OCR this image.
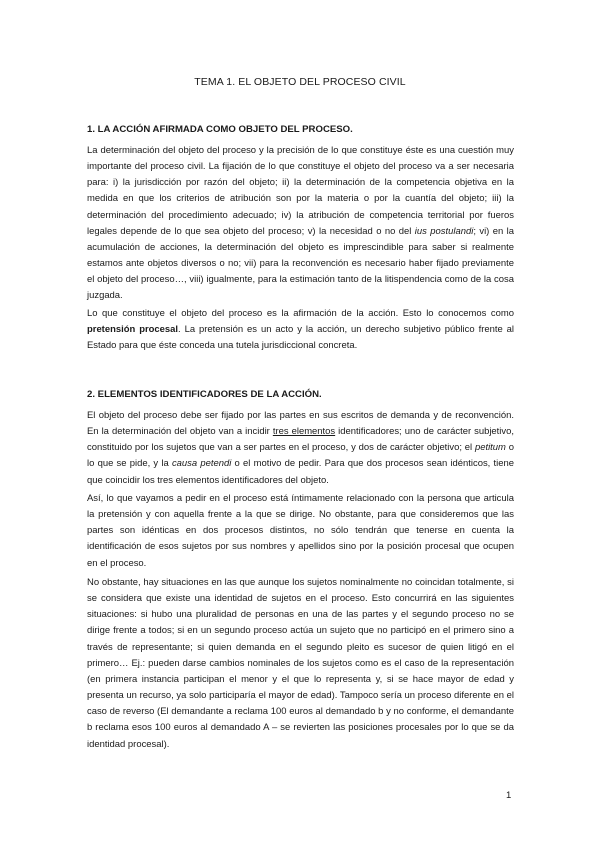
TEMA 1. EL OBJETO DEL PROCESO CIVIL
1. LA ACCIÓN AFIRMADA COMO OBJETO DEL PROCESO.

La determinación del objeto del proceso y la precisión de lo que constituye éste es una cuestión muy importante del proceso civil. La fijación de lo que constituye el objeto del proceso va a ser necesaria para: i) la jurisdicción por razón del objeto; ii) la determinación de la competencia objetiva en la medida en que los criterios de atribución son por la materia o por la cuantía del objeto; iii) la determinación del procedimiento adecuado; iv) la atribución de competencia territorial por fueros legales depende de lo que sea objeto del proceso; v) la necesidad o no del ius postulandi; vi) en la acumulación de acciones, la determinación del objeto es imprescindible para saber si realmente estamos ante objetos diversos o no; vii) para la reconvención es necesario haber fijado previamente el objeto del proceso…, viii) igualmente, para la estimación tanto de la litispendencia como de la cosa juzgada.

Lo que constituye el objeto del proceso es la afirmación de la acción. Esto lo conocemos como pretensión procesal. La pretensión es un acto y la acción, un derecho subjetivo público frente al Estado para que éste conceda una tutela jurisdiccional concreta.

2. ELEMENTOS IDENTIFICADORES DE LA ACCIÓN.

El objeto del proceso debe ser fijado por las partes en sus escritos de demanda y de reconvención. En la determinación del objeto van a incidir tres elementos identificadores; uno de carácter subjetivo, constituido por los sujetos que van a ser partes en el proceso, y dos de carácter objetivo; el petitum o lo que se pide, y la causa petendi o el motivo de pedir. Para que dos procesos sean idénticos, tiene que coincidir los tres elementos identificadores del objeto.

Así, lo que vayamos a pedir en el proceso está íntimamente relacionado con la persona que articula la pretensión y con aquella frente a la que se dirige. No obstante, para que consideremos que las partes son idénticas en dos procesos distintos, no sólo tendrán que tenerse en cuenta la identificación de esos sujetos por sus nombres y apellidos sino por la posición procesal que ocupen en el proceso.

No obstante, hay situaciones en las que aunque los sujetos nominalmente no coincidan totalmente, si se considera que existe una identidad de sujetos en el proceso. Esto concurrirá en las siguientes situaciones: si hubo una pluralidad de personas en una de las partes y el segundo proceso no se dirige frente a todos; si en un segundo proceso actúa un sujeto que no participó en el primero sino a través de representante; si quien demanda en el segundo pleito es sucesor de quien litigó en el primero… Ej.: pueden darse cambios nominales de los sujetos como es el caso de la representación (en primera instancia participan el menor y el que lo representa y, si se hace mayor de edad y presenta un recurso, ya solo participaría el mayor de edad). Tampoco sería un proceso diferente en el caso de reverso (El demandante a reclama 100 euros al demandado b y no conforme, el demandante b reclama esos 100 euros al demandado A – se revierten las posiciones procesales por lo que se da identidad procesal).

1
